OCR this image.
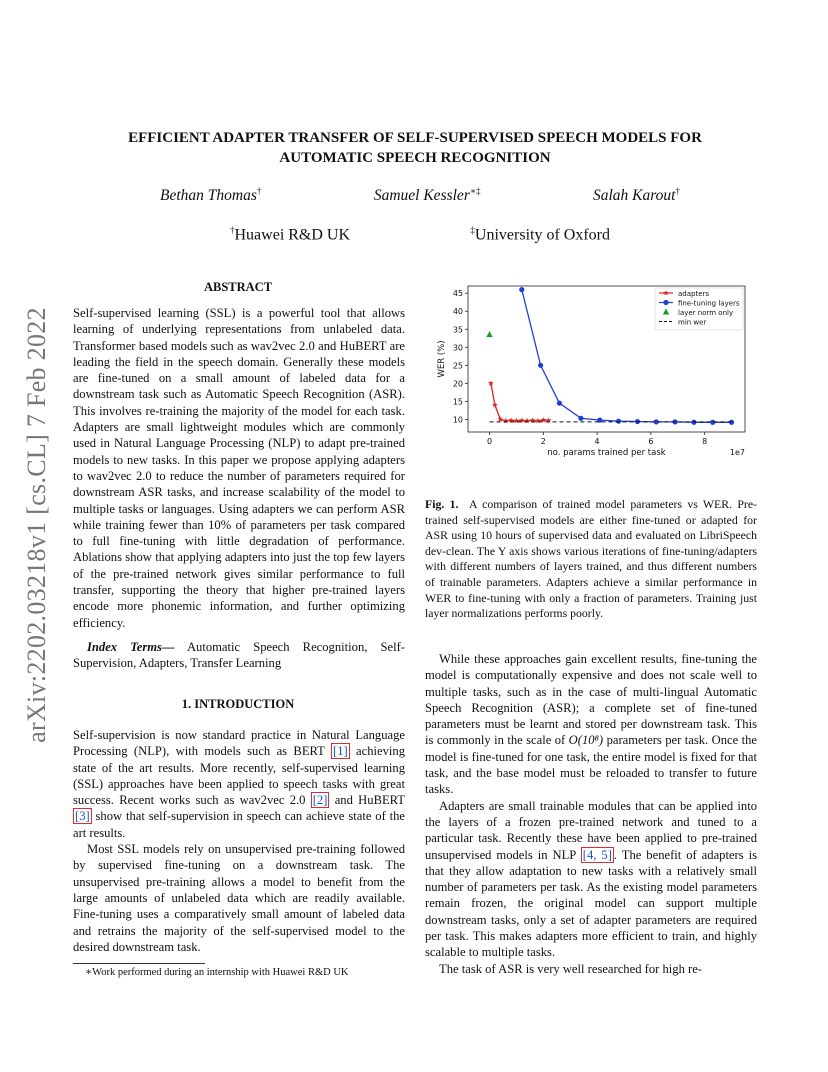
arXiv:2202.03218v1 [cs.CL] 7 Feb 2022
EFFICIENT ADAPTER TRANSFER OF SELF-SUPERVISED SPEECH MODELS FOR AUTOMATIC SPEECH RECOGNITION
Bethan Thomas†	Samuel Kessler∗‡	Salah Karout†
†Huawei R&D UK	‡University of Oxford
ABSTRACT

Self-supervised learning (SSL) is a powerful tool that allows learning of underlying representations from unlabeled data. Transformer based models such as wav2vec 2.0 and HuBERT are leading the field in the speech domain. Generally these models are fine-tuned on a small amount of labeled data for a downstream task such as Automatic Speech Recognition (ASR). This involves re-training the majority of the model for each task. Adapters are small lightweight modules which are commonly used in Natural Language Processing (NLP) to adapt pre-trained models to new tasks. In this paper we propose applying adapters to wav2vec 2.0 to reduce the number of parameters required for downstream ASR tasks, and increase scalability of the model to multiple tasks or languages. Using adapters we can perform ASR while training fewer than 10% of parameters per task compared to full fine-tuning with little degradation of performance. Ablations show that applying adapters into just the top few layers of the pre-trained network gives similar performance to full transfer, supporting the theory that higher pre-trained layers encode more phonemic information, and further optimizing efficiency.

Index Terms— Automatic Speech Recognition, Self-Supervision, Adapters, Transfer Learning

1. INTRODUCTION

Self-supervision is now standard practice in Natural Language Processing (NLP), with models such as BERT [1] achieving state of the art results. More recently, self-supervised learning (SSL) approaches have been applied to speech tasks with great success. Recent works such as wav2vec 2.0 [2] and HuBERT [3] show that self-supervision in speech can achieve state of the art results.

Most SSL models rely on unsupervised pre-training followed by supervised fine-tuning on a downstream task. The unsupervised pre-training allows a model to benefit from the large amounts of unlabeled data which are readily available. Fine-tuning uses a comparatively small amount of labeled data and retrains the majority of the self-supervised model to the desired downstream task.

∗Work performed during an internship with Huawei R&D UK
0	2	4	6	8
10
15
20
25
30
35
40
45
no. params trained per task	1e7
WER (%)
adapters
fine-tuning layers
layer norm only
min wer
Fig. 1. A comparison of trained model parameters vs WER. Pre-trained self-supervised models are either fine-tuned or adapted for ASR using 10 hours of supervised data and evaluated on LibriSpeech dev-clean. The Y axis shows various iterations of fine-tuning/adapters with different numbers of layers trained, and thus different numbers of trainable parameters. Adapters achieve a similar performance in WER to fine-tuning with only a fraction of parameters. Training just layer normalizations performs poorly.

While these approaches gain excellent results, fine-tuning the model is computationally expensive and does not scale well to multiple tasks, such as in the case of multi-lingual Automatic Speech Recognition (ASR); a complete set of fine-tuned parameters must be learnt and stored per downstream task. This is commonly in the scale of O(10⁸) parameters per task. Once the model is fine-tuned for one task, the entire model is fixed for that task, and the base model must be reloaded to transfer to future tasks.

Adapters are small trainable modules that can be applied into the layers of a frozen pre-trained network and tuned to a particular task. Recently these have been applied to pre-trained unsupervised models in NLP [4, 5] . The benefit of adapters is that they allow adaptation to new tasks with a relatively small number of parameters per task. As the existing model parameters remain frozen, the original model can support multiple downstream tasks, only a set of adapter parameters are required per task. This makes adapters more efficient to train, and highly scalable to multiple tasks.

The task of ASR is very well researched for high re-
